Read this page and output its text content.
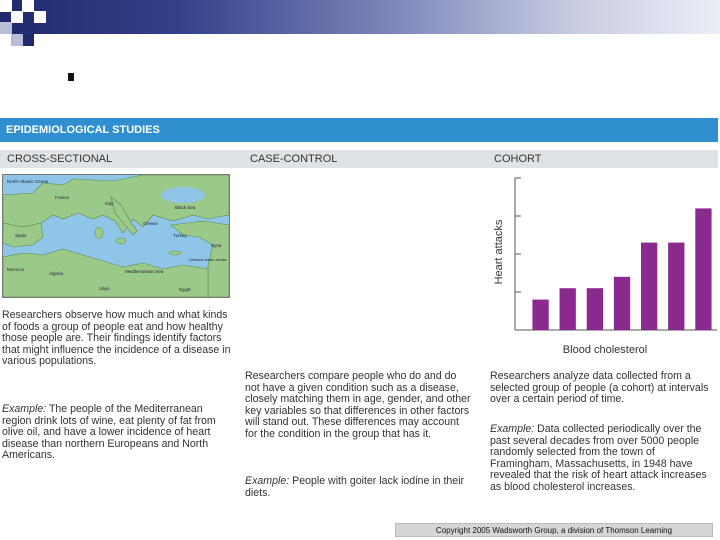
EPIDEMIOLOGICAL STUDIES
CROSS-SECTIONAL	CASE-CONTROL	COHORT
North Atlantic Ocean
France
Black Sea
Spain	Turkey
Morocco
Algeria	Mediterranean Sea
Lebanon Israel Jordan
Libya	Egypt
Italy
Greece
Syria

Researchers observe how much and what kinds of foods a group of people eat and how healthy those people are. Their findings identify factors that might influence the incidence of a disease in various populations.

Example: The people of the Mediterranean region drink lots of wine, eat plenty of fat from olive oil, and have a lower incidence of heart disease than northern Europeans and North Americans.

Researchers compare people who do and do not have a given condition such as a disease, closely matching them in age, gender, and other key variables so that differences in other factors will stand out. These differences may account for the condition in the group that has it.

Example: People with goiter lack iodine in their diets.

Heart attacks
Blood cholesterol

Researchers analyze data collected from a selected group of people (a cohort) at intervals over a certain period of time.

Example: Data collected periodically over the past several decades from over 5000 people randomly selected from the town of Framingham, Massachusetts, in 1948 have revealed that the risk of heart attack increases as blood cholesterol increases.

Copyright 2005 Wadsworth Group, a division of Thomson Learning
